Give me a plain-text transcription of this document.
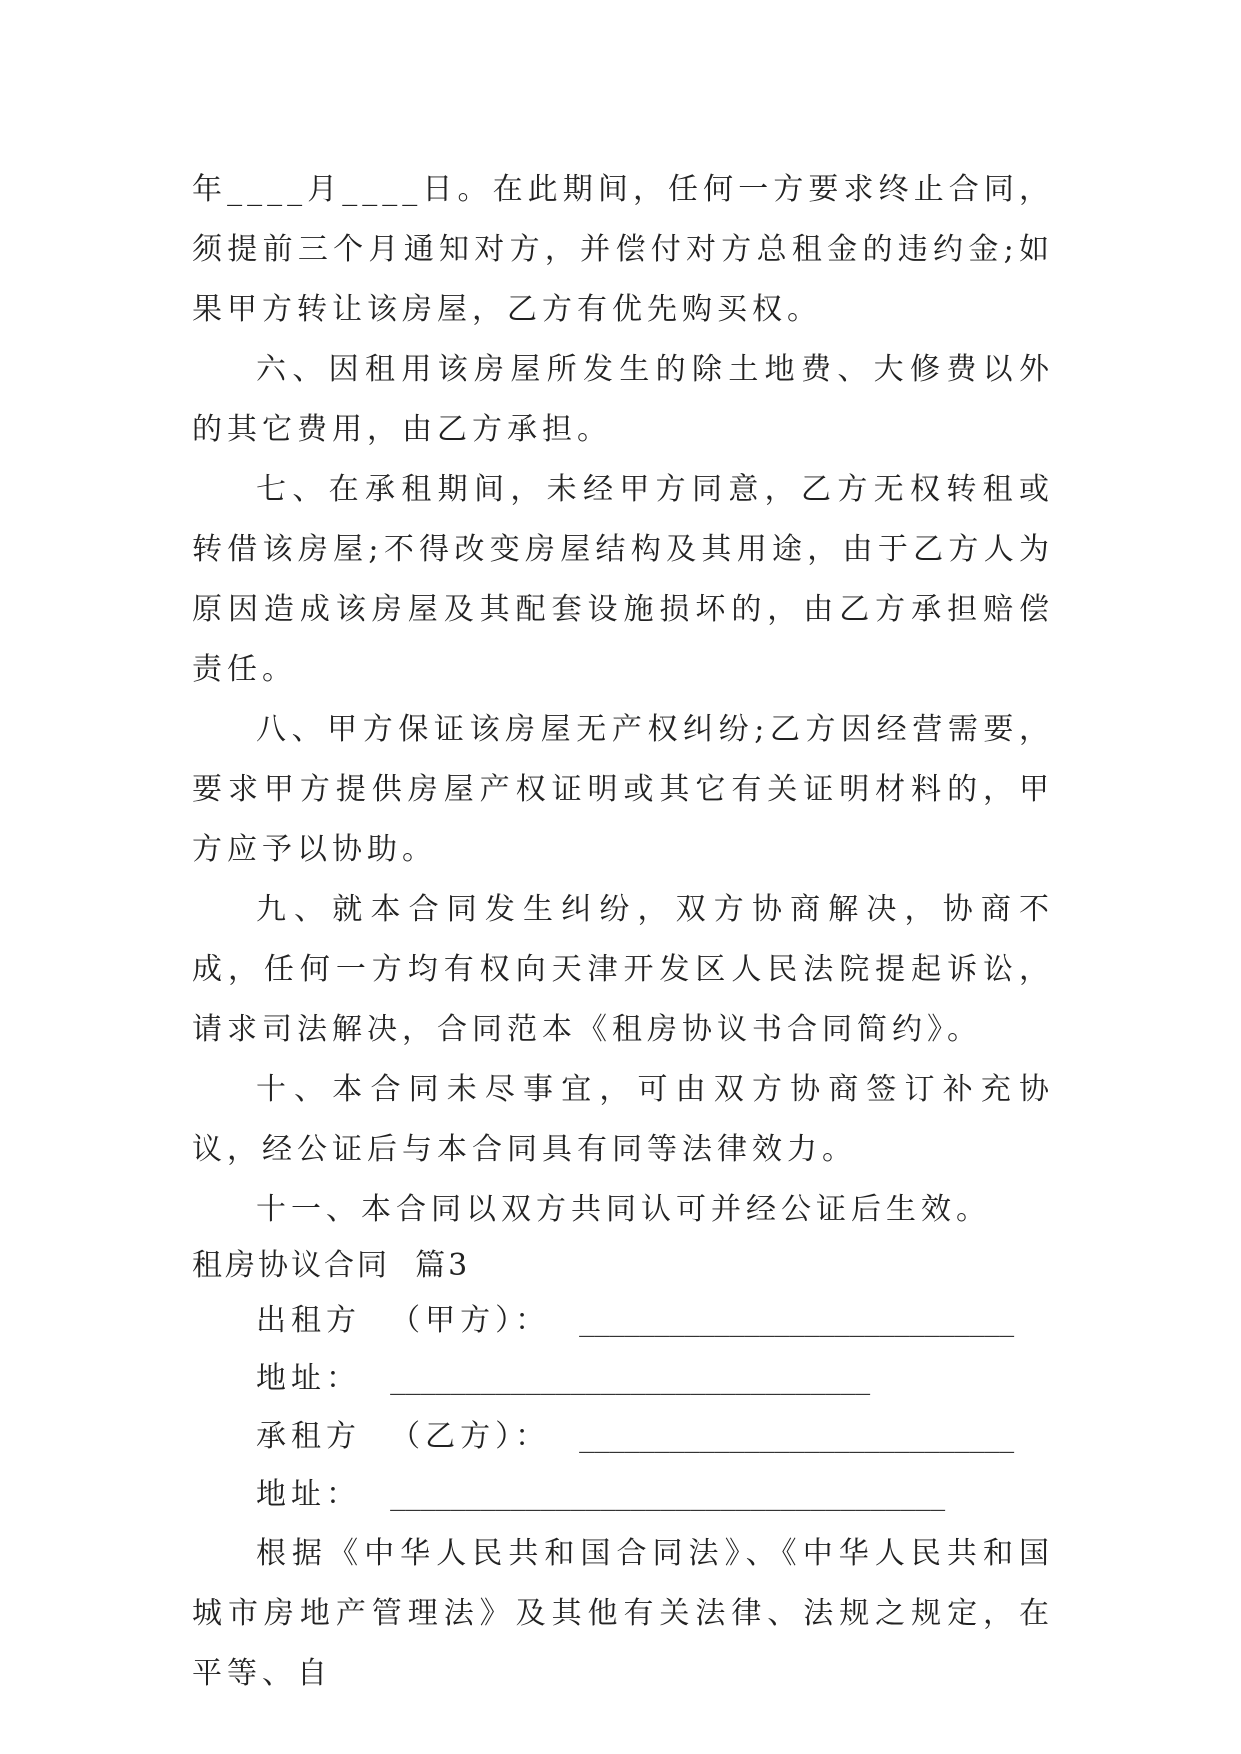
年____月____日。在此期间，任何一方要求终止合同，须提前三个月通知对方，并偿付对方总租金的违约金;如果甲方转让该房屋，乙方有优先购买权。

六、因租用该房屋所发生的除土地费、大修费以外的其它费用，由乙方承担。

七、在承租期间，未经甲方同意，乙方无权转租或转借该房屋;不得改变房屋结构及其用途，由于乙方人为原因造成该房屋及其配套设施损坏的，由乙方承担赔偿责任。

八、甲方保证该房屋无产权纠纷;乙方因经营需要，要求甲方提供房屋产权证明或其它有关证明材料的，甲方应予以协助。

九、就本合同发生纠纷，双方协商解决，协商不成，任何一方均有权向天津开发区人民法院提起诉讼，请求司法解决，合同范本《租房协议书合同简约》。

十、本合同未尽事宜，可由双方协商签订补充协议，经公证后与本合同具有同等法律效力。

十一、本合同以双方共同认可并经公证后生效。

租房协议合同  篇3

出租方  （甲方）：  _____________________________

地址：  ________________________________

承租方  （乙方）：  _____________________________

地址：  _____________________________________

根据《中华人民共和国合同法》、《中华人民共和国城市房地产管理法》及其他有关法律、法规之规定，在平等、自
